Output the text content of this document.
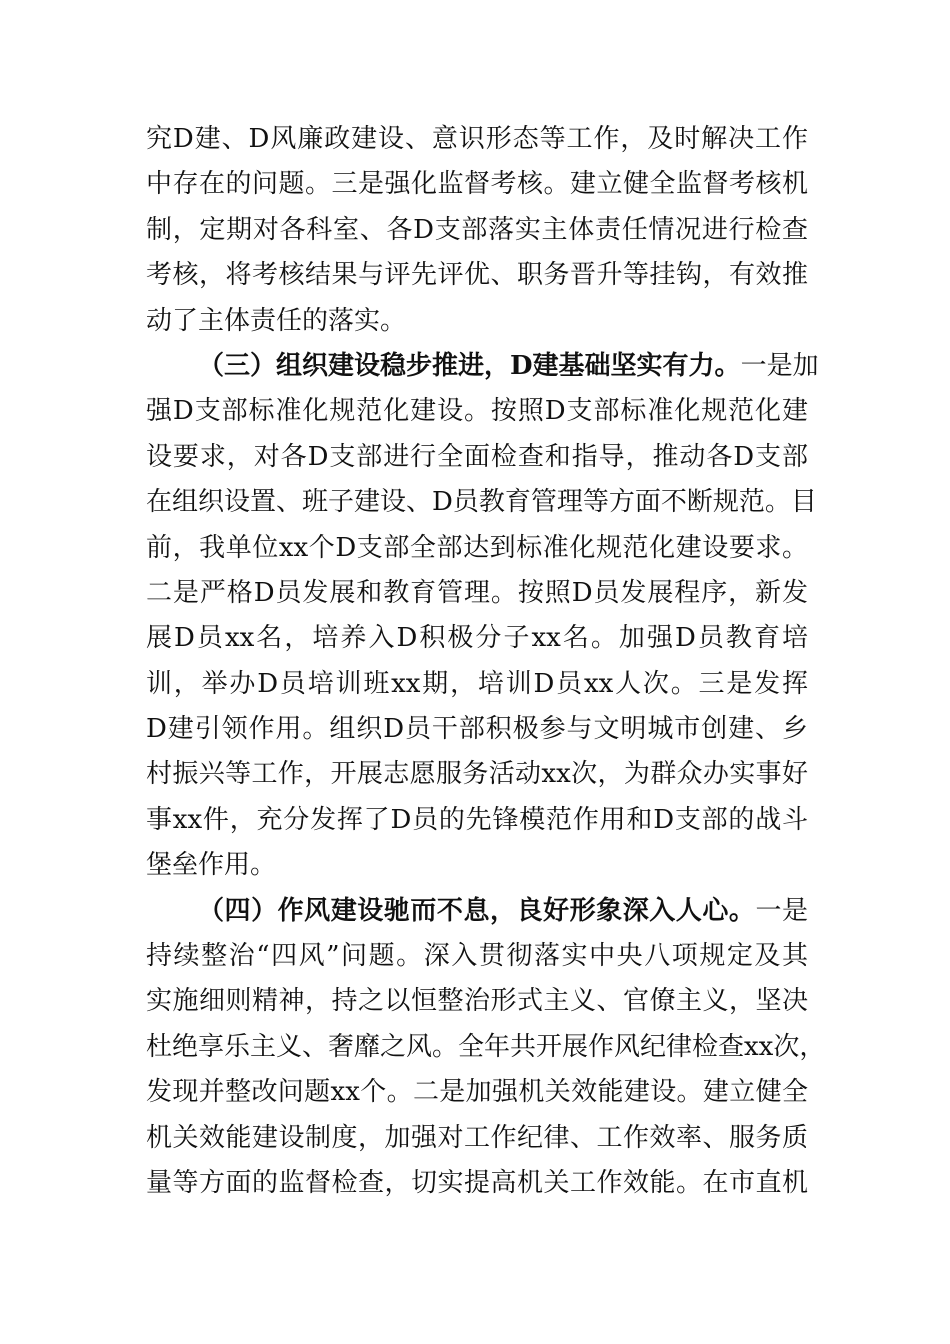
究D建、D风廉政建设、意识形态等工作，及时解决工作
中存在的问题。三是强化监督考核。建立健全监督考核机
制，定期对各科室、各D支部落实主体责任情况进行检查
考核，将考核结果与评先评优、职务晋升等挂钩，有效推
动了主体责任的落实。
（三）组织建设稳步推进，D建基础坚实有力。一是加
强D支部标准化规范化建设。按照D支部标准化规范化建
设要求，对各D支部进行全面检查和指导，推动各D支部
在组织设置、班子建设、D员教育管理等方面不断规范。目
前，我单位xx个D支部全部达到标准化规范化建设要求。
二是严格D员发展和教育管理。按照D员发展程序，新发
展D员xx名，培养入D积极分子xx名。加强D员教育培
训，举办D员培训班xx期，培训D员xx人次。三是发挥
D建引领作用。组织D员干部积极参与文明城市创建、乡
村振兴等工作，开展志愿服务活动xx次，为群众办实事好
事xx件，充分发挥了D员的先锋模范作用和D支部的战斗
堡垒作用。
（四）作风建设驰而不息，良好形象深入人心。一是
持续整治“四风”问题。深入贯彻落实中央八项规定及其
实施细则精神，持之以恒整治形式主义、官僚主义，坚决
杜绝享乐主义、奢靡之风。全年共开展作风纪律检查xx次，
发现并整改问题xx个。二是加强机关效能建设。建立健全
机关效能建设制度，加强对工作纪律、工作效率、服务质
量等方面的监督检查，切实提高机关工作效能。在市直机
